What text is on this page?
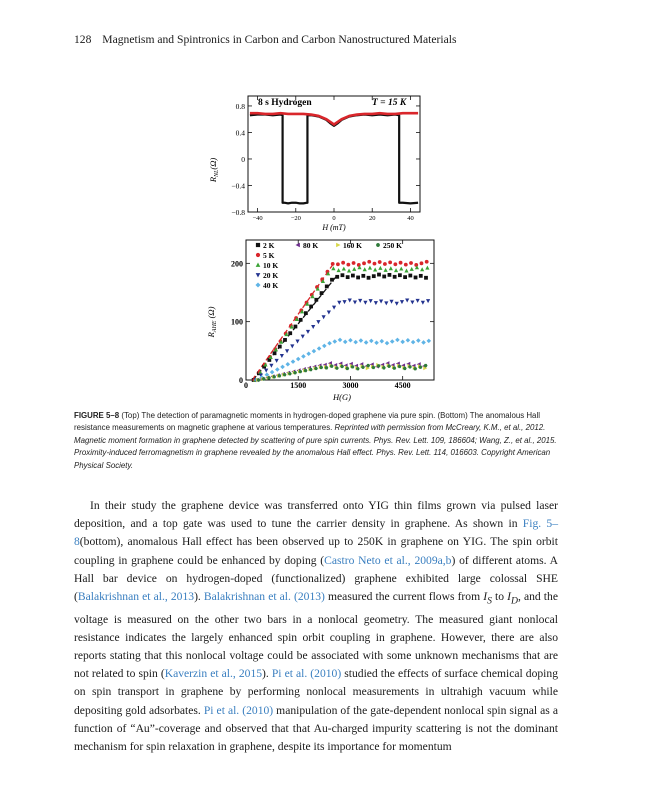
128 Magnetism and Spintronics in Carbon and Carbon Nanostructured Materials
−40	−20	0	20	40
0.8
0.4
0
−0.4
−0.8
8 s Hydrogen	T = 15 K
H (mT)
$R_{NL}(\Omega)$
0	1500	3000	4500
200
100
0
2 K
5 K
10 K
20 K
40 K
80 K	160 K	250 K
H(G)
$R_{AHE}$ (Ω)
FIGURE 5–8 (Top) The detection of paramagnetic moments in hydrogen-doped graphene via pure spin. (Bottom) The anomalous Hall resistance measurements on magnetic graphene at various temperatures. Reprinted with permission from McCreary, K.M., et al., 2012. Magnetic moment formation in graphene detected by scattering of pure spin currents. Phys. Rev. Lett. 109, 186604; Wang, Z., et al., 2015. Proximity-induced ferromagnetism in graphene revealed by the anomalous Hall effect. Phys. Rev. Lett. 114, 016603. Copyright American Physical Society.

In their study the graphene device was transferred onto YIG thin films grown via pulsed laser deposition, and a top gate was used to tune the carrier density in graphene. As shown in Fig. 5–8(bottom), anomalous Hall effect has been observed up to 250K in graphene on YIG. The spin orbit coupling in graphene could be enhanced by doping (Castro Neto et al., 2009a,b) of different atoms. A Hall bar device on hydrogen-doped (functionalized) graphene exhibited large colossal SHE (Balakrishnan et al., 2013). Balakrishnan et al. (2013) measured the current flows from $I_S$ to $I_D$, and the voltage is measured on the other two bars in a nonlocal geometry. The measured giant nonlocal resistance indicates the largely enhanced spin orbit coupling in graphene. However, there are also reports stating that this nonlocal voltage could be associated with some unknown mechanisms that are not related to spin (Kaverzin et al., 2015). Pi et al. (2010) studied the effects of surface chemical doping on spin transport in graphene by performing nonlocal measurements in ultrahigh vacuum while depositing gold adsorbates. Pi et al. (2010) manipulation of the gate-dependent nonlocal spin signal as a function of “Au”-coverage and observed that that Au-charged impurity scattering is not the dominant mechanism for spin relaxation in graphene, despite its importance for momentum
